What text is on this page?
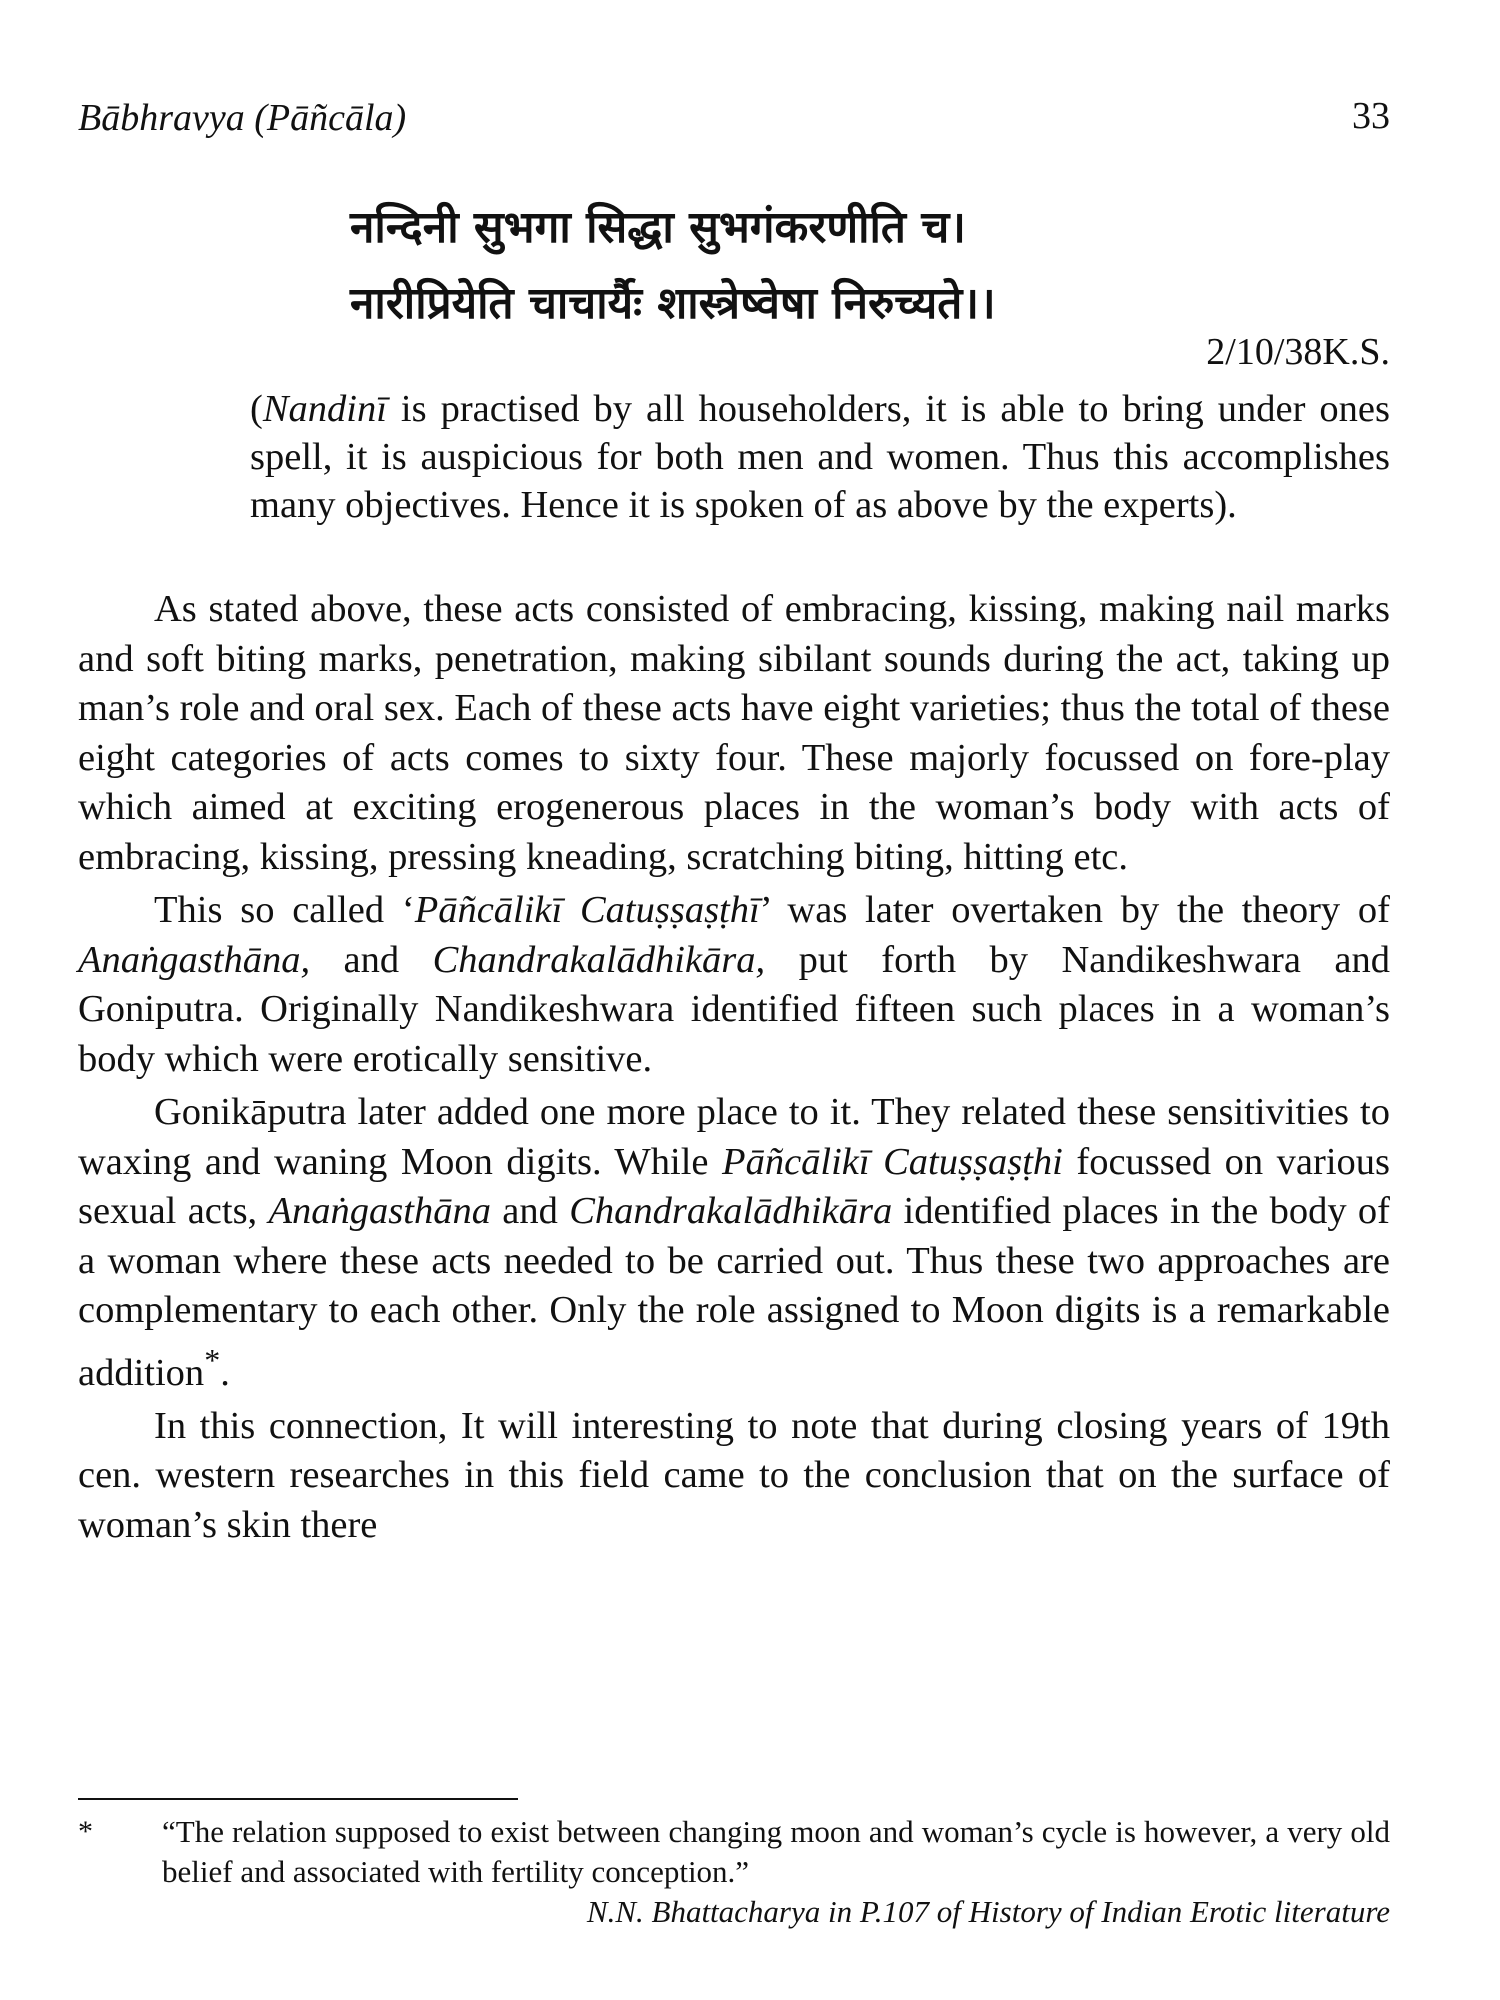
Bābhravya (Pāñcāla)	33
नन्दिनी सुभगा सिद्धा सुभगंकरणीति च।
नारीप्रियेति चाचार्यैः शास्त्रेष्वेषा निरुच्यते।।
2/10/38K.S.
(Nandinī is practised by all householders, it is able to bring under ones spell, it is auspicious for both men and women. Thus this accomplishes many objectives. Hence it is spoken of as above by the experts).

As stated above, these acts consisted of embracing, kissing, making nail marks and soft biting marks, penetration, making sibilant sounds during the act, taking up man’s role and oral sex. Each of these acts have eight varieties; thus the total of these eight categories of acts comes to sixty four. These majorly focussed on fore-play which aimed at exciting erogenerous places in the woman’s body with acts of embracing, kissing, pressing kneading, scratching biting, hitting etc.

This so called ‘Pāñcālikī Catuṣṣaṣṭhī’ was later overtaken by the theory of Anaṅgasthāna, and Chandrakalādhikāra, put forth by Nandikeshwara and Goniputra. Originally Nandikeshwara identified fifteen such places in a woman’s body which were erotically sensitive.

Gonikāputra later added one more place to it. They related these sensitivities to waxing and waning Moon digits. While Pāñcālikī Catuṣṣaṣṭhi focussed on various sexual acts, Anaṅgasthāna and Chandrakalādhikāra identified places in the body of a woman where these acts needed to be carried out. Thus these two approaches are complementary to each other. Only the role assigned to Moon digits is a remarkable addition*.

In this connection, It will interesting to note that during closing years of 19th cen. western researches in this field came to the conclusion that on the surface of woman’s skin there

* “The relation supposed to exist between changing moon and woman’s cycle is however, a very old belief and associated with fertility conception.”
N.N. Bhattacharya in P.107 of History of Indian Erotic literature
